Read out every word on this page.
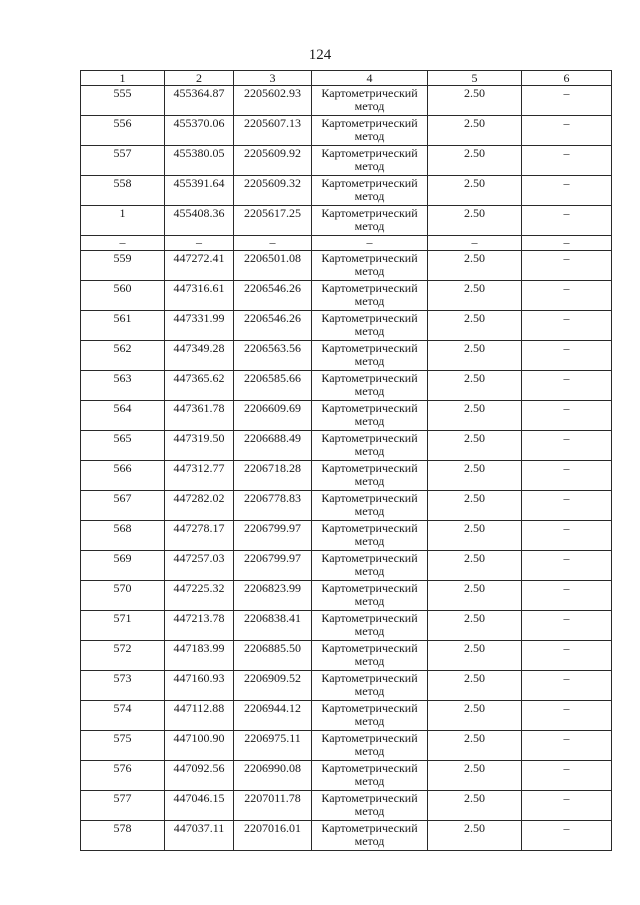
124
1	2	3	4	5	6
555	455364.87	2205602.93	Картометрический метод	2.50	–
556	455370.06	2205607.13	Картометрический метод	2.50	–
557	455380.05	2205609.92	Картометрический метод	2.50	–
558	455391.64	2205609.32	Картометрический метод	2.50	–
1	455408.36	2205617.25	Картометрический метод	2.50	–
–	–	–	–	–	–
559	447272.41	2206501.08	Картометрический метод	2.50	–
560	447316.61	2206546.26	Картометрический метод	2.50	–
561	447331.99	2206546.26	Картометрический метод	2.50	–
562	447349.28	2206563.56	Картометрический метод	2.50	–
563	447365.62	2206585.66	Картометрический метод	2.50	–
564	447361.78	2206609.69	Картометрический метод	2.50	–
565	447319.50	2206688.49	Картометрический метод	2.50	–
566	447312.77	2206718.28	Картометрический метод	2.50	–
567	447282.02	2206778.83	Картометрический метод	2.50	–
568	447278.17	2206799.97	Картометрический метод	2.50	–
569	447257.03	2206799.97	Картометрический метод	2.50	–
570	447225.32	2206823.99	Картометрический метод	2.50	–
571	447213.78	2206838.41	Картометрический метод	2.50	–
572	447183.99	2206885.50	Картометрический метод	2.50	–
573	447160.93	2206909.52	Картометрический метод	2.50	–
574	447112.88	2206944.12	Картометрический метод	2.50	–
575	447100.90	2206975.11	Картометрический метод	2.50	–
576	447092.56	2206990.08	Картометрический метод	2.50	–
577	447046.15	2207011.78	Картометрический метод	2.50	–
578	447037.11	2207016.01	Картометрический метод	2.50	–
